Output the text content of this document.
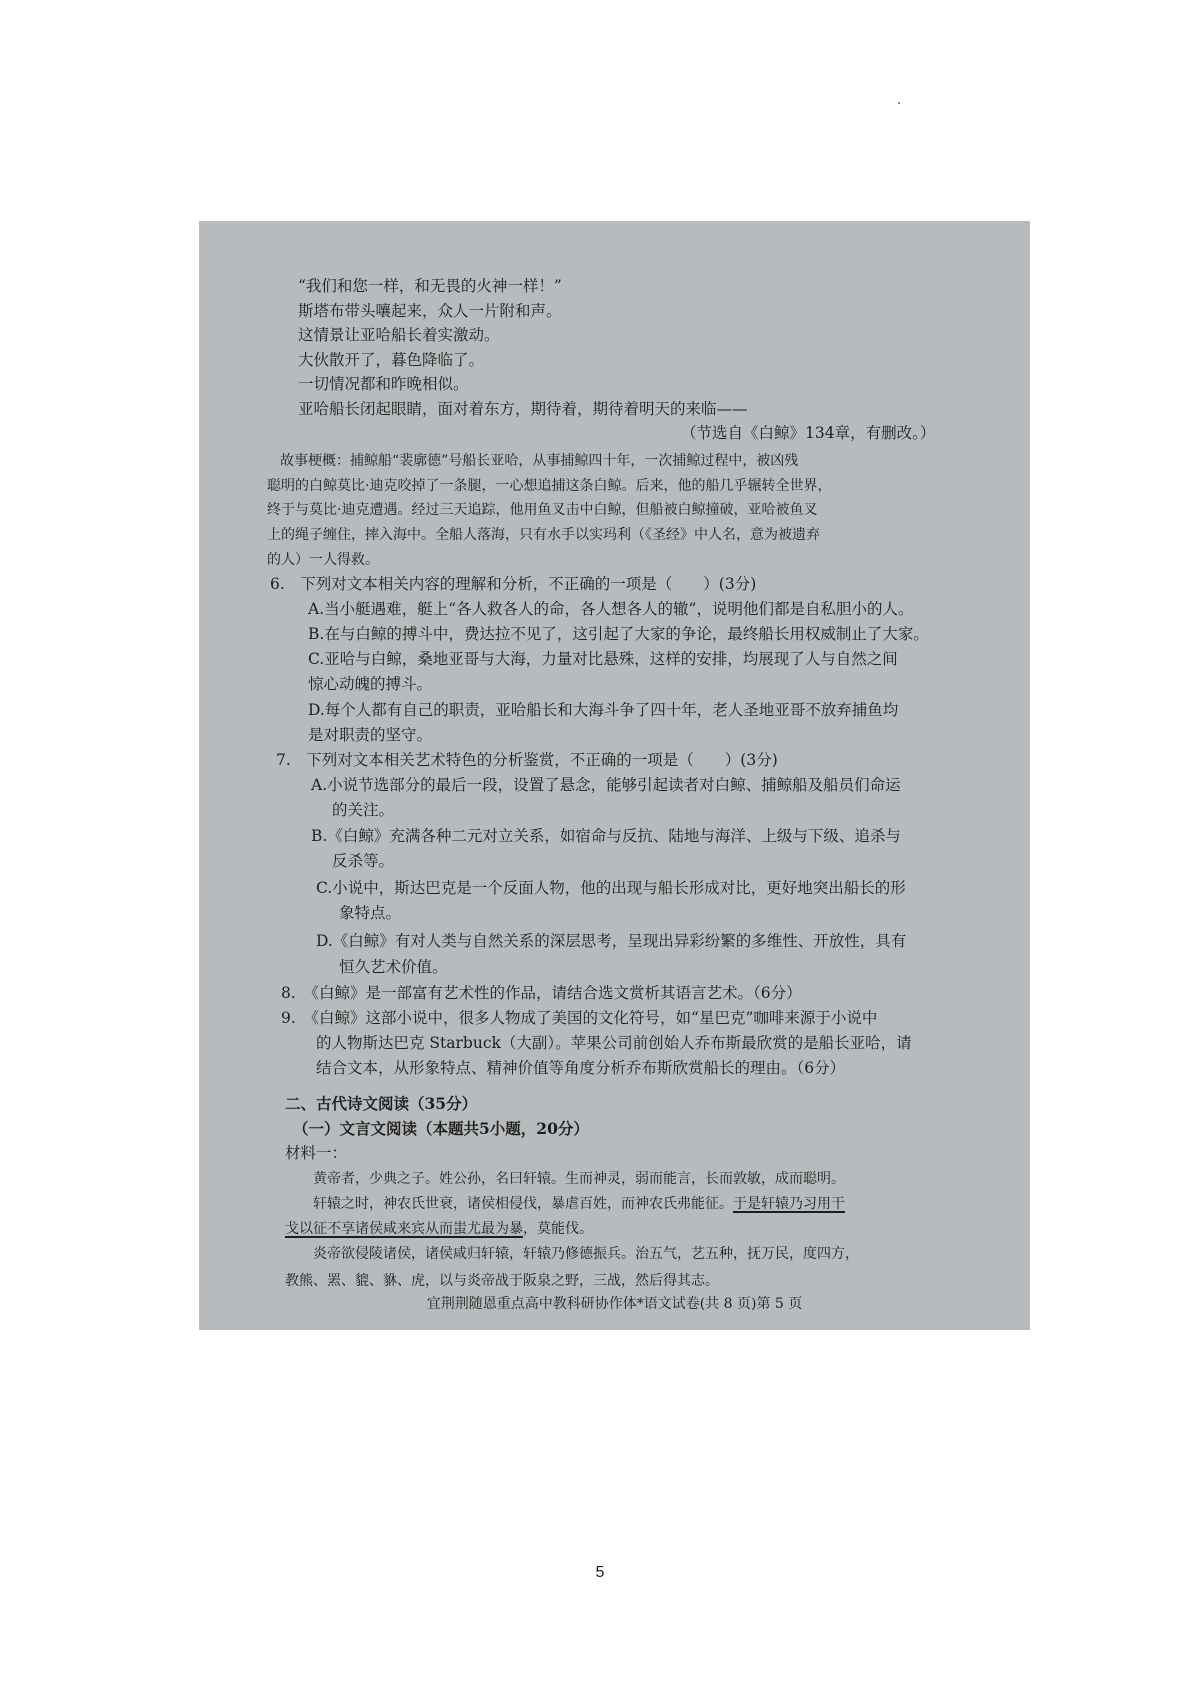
“我们和您一样，和无畏的火神一样！”
斯塔布带头嚷起来，众人一片附和声。
这情景让亚哈船长着实激动。
大伙散开了，暮色降临了。
一切情况都和昨晚相似。
亚哈船长闭起眼睛，面对着东方，期待着，期待着明天的来临——
（节选自《白鲸》134章，有删改。）
故事梗概：捕鲸船“裴廓德”号船长亚哈，从事捕鲸四十年，一次捕鲸过程中，被凶残
聪明的白鲸莫比·迪克咬掉了一条腿，一心想追捕这条白鲸。后来，他的船几乎辗转全世界，
终于与莫比·迪克遭遇。经过三天追踪，他用鱼叉击中白鲸，但船被白鲸撞破，亚哈被鱼叉
上的绳子缠住，摔入海中。全船人落海，只有水手以实玛利（《圣经》中人名，意为被遗弃
的人）一人得救。
6.　下列对文本相关内容的理解和分析，不正确的一项是（　　）(3分)
A.当小艇遇难，艇上“各人救各人的命，各人想各人的辙”，说明他们都是自私胆小的人。
B.在与白鲸的搏斗中，费达拉不见了，这引起了大家的争论，最终船长用权威制止了大家。
C.亚哈与白鲸，桑地亚哥与大海，力量对比悬殊，这样的安排，均展现了人与自然之间
惊心动魄的搏斗。
D.每个人都有自己的职责，亚哈船长和大海斗争了四十年，老人圣地亚哥不放弃捕鱼均
是对职责的坚守。
7.　下列对文本相关艺术特色的分析鉴赏，不正确的一项是（　　）(3分)
A.小说节选部分的最后一段，设置了悬念，能够引起读者对白鲸、捕鲸船及船员们命运
的关注。
B.《白鲸》充满各种二元对立关系，如宿命与反抗、陆地与海洋、上级与下级、追杀与
反杀等。
C.小说中，斯达巴克是一个反面人物，他的出现与船长形成对比，更好地突出船长的形
象特点。
D.《白鲸》有对人类与自然关系的深层思考，呈现出异彩纷繁的多维性、开放性，具有
恒久艺术价值。
8.　《白鲸》是一部富有艺术性的作品，请结合选文赏析其语言艺术。（6分）
9.　《白鲸》这部小说中，很多人物成了美国的文化符号，如“星巴克”咖啡来源于小说中
的人物斯达巴克 Starbuck（大副）。苹果公司前创始人乔布斯最欣赏的是船长亚哈，请
结合文本，从形象特点、精神价值等角度分析乔布斯欣赏船长的理由。（6分）
二、古代诗文阅读（35分）
（一）文言文阅读（本题共5小题，20分）
材料一：
黄帝者，少典之子。姓公孙，名曰轩辕。生而神灵，弱而能言，长而敦敏，成而聪明。
轩辕之时，神农氏世衰，诸侯相侵伐，暴虐百姓，而神农氏弗能征。于是轩辕乃习用干
戈以征不享诸侯咸来宾从而蚩尤最为暴，莫能伐。
炎帝欲侵陵诸侯，诸侯咸归轩辕，轩辕乃修德振兵。治五气，艺五种，抚万民，度四方，
教熊、罴、貔、貅、虎，以与炎帝战于阪泉之野，三战，然后得其志。
宜荆荆随恩重点高中教科研协作体*语文试卷(共 8 页)第 5 页
5
